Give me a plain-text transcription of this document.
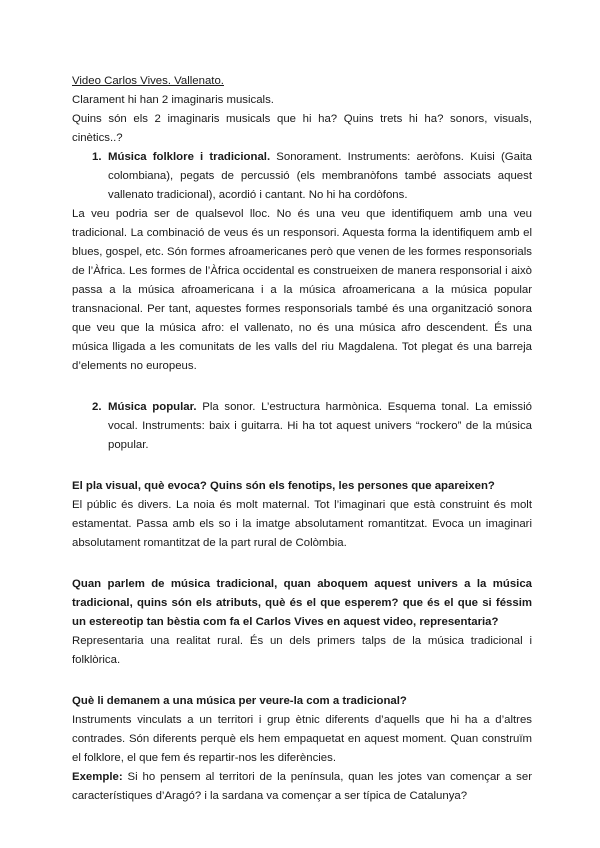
Video Carlos Vives. Vallenato.

Clarament hi han 2 imaginaris musicals.

Quins són els 2 imaginaris musicals que hi ha? Quins trets hi ha? sonors, visuals, cinètics..?

1. Música folklore i tradicional. Sonorament. Instruments: aeròfons. Kuisi (Gaita colombiana), pegats de percussió (els membranòfons també associats aquest vallenato tradicional), acordió i cantant. No hi ha cordòfons.

La veu podria ser de qualsevol lloc. No és una veu que identifiquem amb una veu tradicional. La combinació de veus és un responsori. Aquesta forma la identifiquem amb el blues, gospel, etc. Són formes afroamericanes però que venen de les formes responsorials de l’Àfrica. Les formes de l’Àfrica occidental es construeixen de manera responsorial i això passa a la música afroamericana i a la música afroamericana a la música popular transnacional. Per tant, aquestes formes responsorials també és una organització sonora que veu que la música afro: el vallenato, no és una música afro descendent. És una música lligada a les comunitats de les valls del riu Magdalena. Tot plegat és una barreja d’elements no europeus.

2. Música popular. Pla sonor. L’estructura harmònica. Esquema tonal. La emissió vocal. Instruments: baix i guitarra. Hi ha tot aquest univers “rockero” de la música popular.

El pla visual, què evoca? Quins són els fenotips, les persones que apareixen?

El públic és divers. La noia és molt maternal. Tot l’imaginari que està construint és molt estamentat. Passa amb els so i la imatge absolutament romantitzat. Evoca un imaginari absolutament romantitzat de la part rural de Colòmbia.

Quan parlem de música tradicional, quan aboquem aquest univers a la música tradicional, quins són els atributs, què és el que esperem? que és el que si féssim un estereotip tan bèstia com fa el Carlos Vives en aquest video, representaria?

Representaria una realitat rural. És un dels primers talps de la música tradicional i folklòrica.

Què li demanem a una música per veure-la com a tradicional?

Instruments vinculats a un territori i grup ètnic diferents d’aquells que hi ha a d’altres contrades. Són diferents perquè els hem empaquetat en aquest moment. Quan construïm el folklore, el que fem és repartir-nos les diferències.

Exemple: Si ho pensem al territori de la península, quan les jotes van començar a ser característiques d’Aragó? i la sardana va començar a ser típica de Catalunya?
